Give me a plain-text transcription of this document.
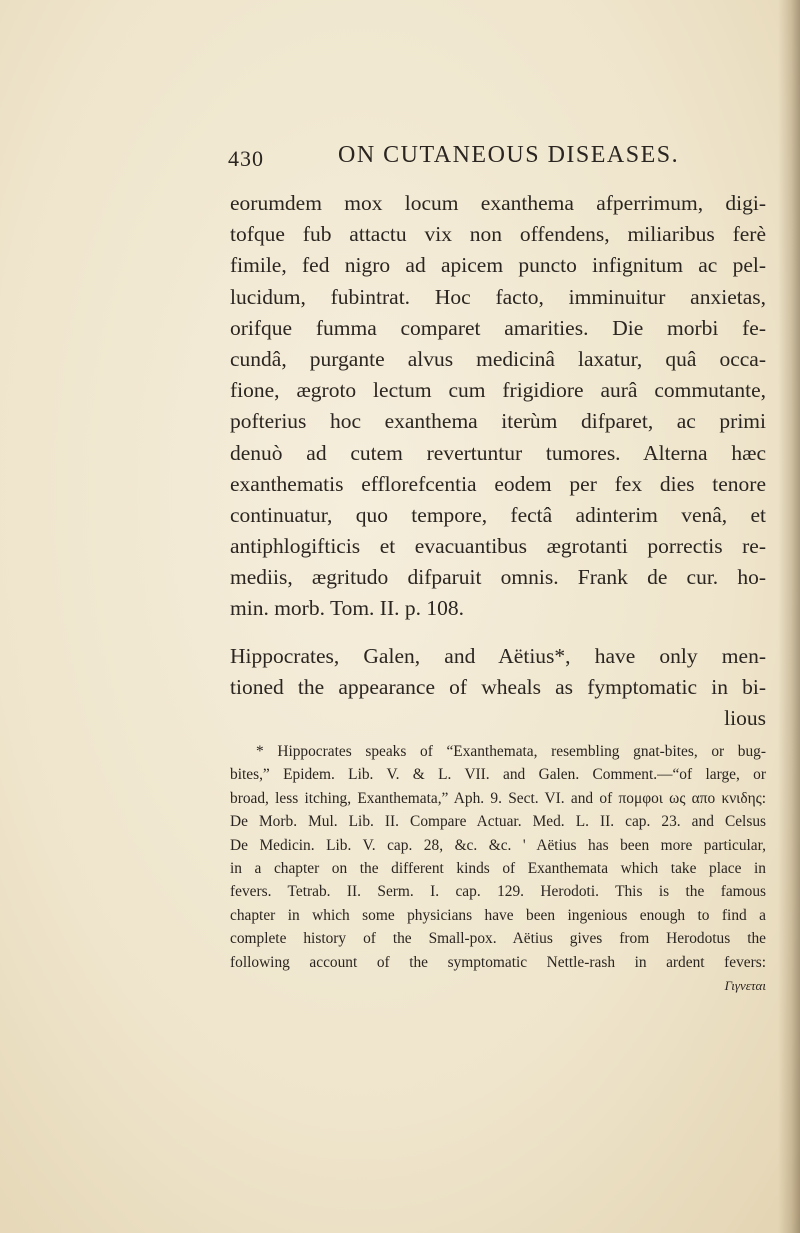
430	ON CUTANEOUS DISEASES.
eorumdem mox locum exanthema afperrimum, digi-
tofque fub attactu vix non offendens, miliaribus ferè
fimile, fed nigro ad apicem puncto infignitum ac pel-
lucidum, fubintrat. Hoc facto, imminuitur anxietas,
orifque fumma comparet amarities. Die morbi fe-
cundâ, purgante alvus medicinâ laxatur, quâ occa-
fione, ægroto lectum cum frigidiore aurâ commutante,
pofterius hoc exanthema iterùm difparet, ac primi
denuò ad cutem revertuntur tumores. Alterna hæc
exanthematis efflorefcentia eodem per fex dies tenore
continuatur, quo tempore, fectâ adinterim venâ, et
antiphlogifticis et evacuantibus ægrotanti porrectis re-
mediis, ægritudo difparuit omnis. Frank de cur. ho-
min. morb. Tom. II. p. 108.
Hippocrates, Galen, and Aëtius*, have only men-
tioned the appearance of wheals as fymptomatic in bi-
lious
* Hippocrates speaks of “Exanthemata, resembling gnat-bites, or bug-
bites,” Epidem. Lib. V. & L. VII. and Galen. Comment.—“of large, or
broad, less itching, Exanthemata,” Aph. 9. Sect. VI. and of πομφοι ως απο κνιδης:
De Morb. Mul. Lib. II. Compare Actuar. Med. L. II. cap. 23. and Celsus
De Medicin. Lib. V. cap. 28, &c. &c. ' Aëtius has been more particular,
in a chapter on the different kinds of Exanthemata which take place in
fevers. Tetrab. II. Serm. I. cap. 129. Herodoti. This is the famous
chapter in which some physicians have been ingenious enough to find a
complete history of the Small-pox. Aëtius gives from Herodotus the
following account of the symptomatic Nettle-rash in ardent fevers:
Γιγνεται
